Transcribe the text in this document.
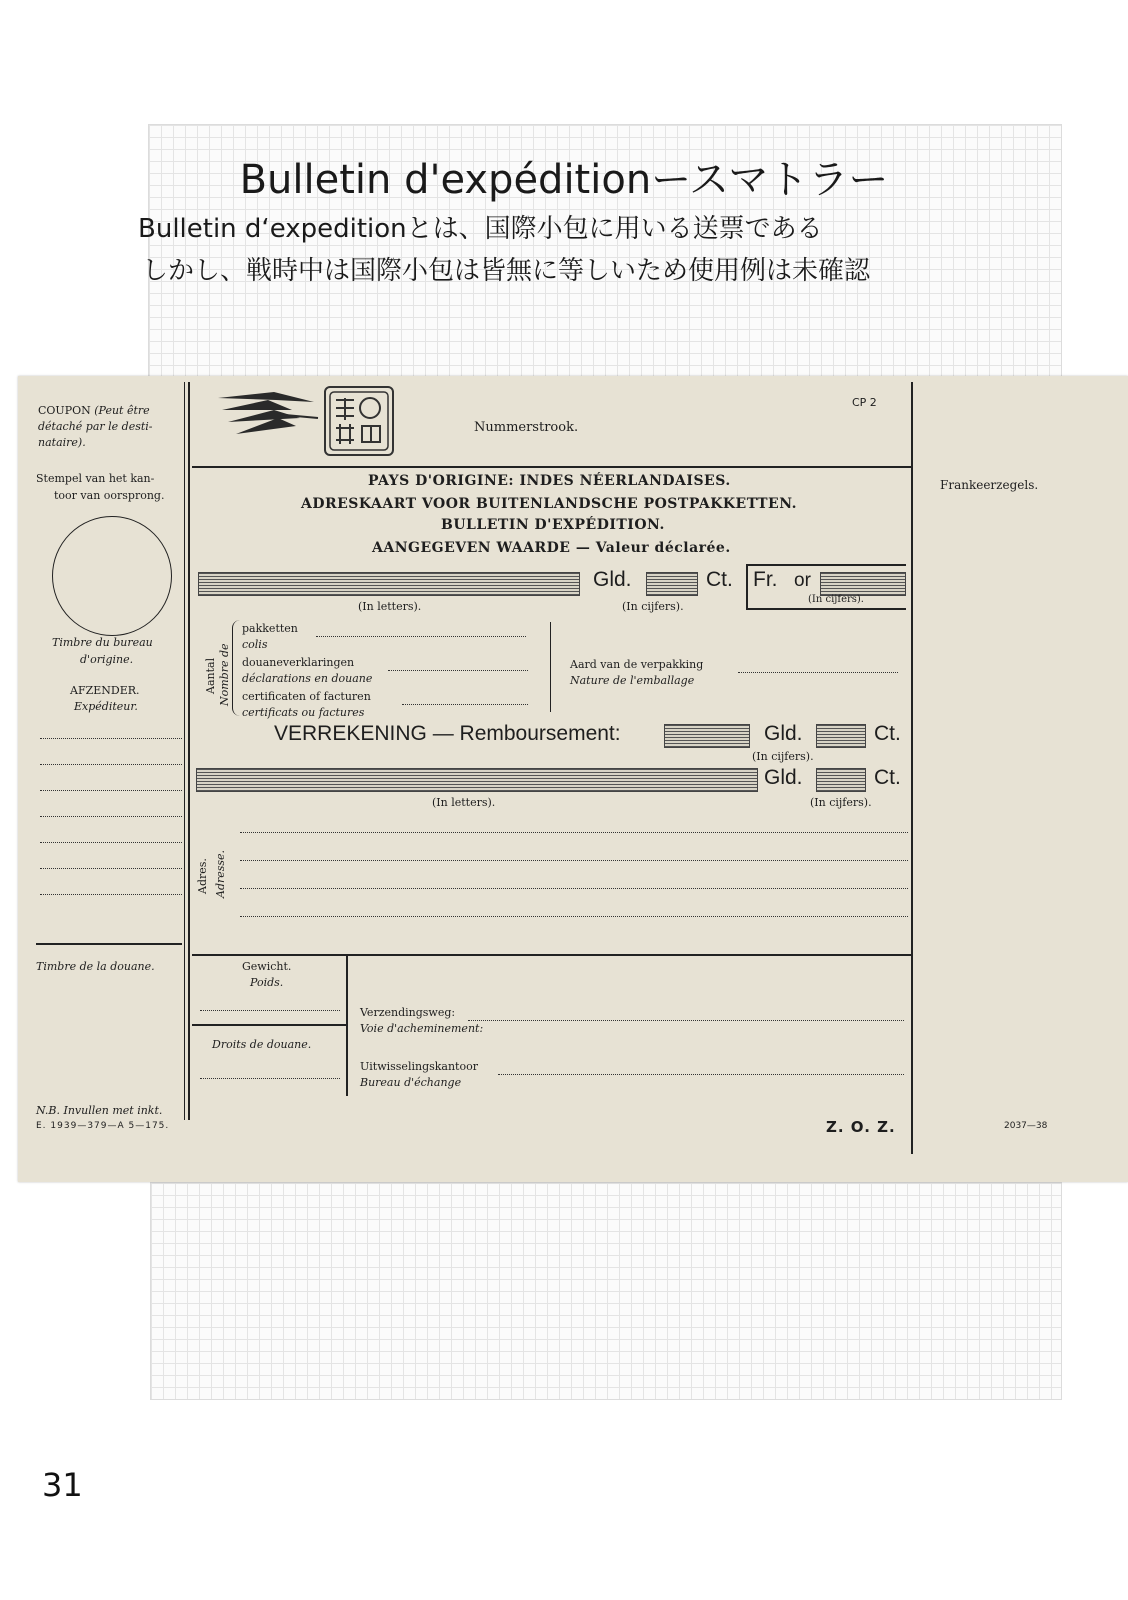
Bulletin d'expéditionースマトラー
Bulletin d‘expeditionとは、国際小包に用いる送票である
しかし、戦時中は国際小包は皆無に等しいため使用例は未確認
COUPON (Peut être
détaché par le desti-
nataire).
Stempel van het kan-
toor van oorsprong.
Timbre du bureau
d'origine.
AFZENDER.
Expéditeur.
Timbre de la douane.
N.B. Invullen met inkt.
E. 1939—379—A 5—175.
Nummerstrook.
CP 2
PAYS D'ORIGINE: INDES NÉERLANDAISES.
ADRESKAART VOOR BUITENLANDSCHE POSTPAKKETTEN.
BULLETIN D'EXPÉDITION.
AANGEGEVEN WAARDE — Valeur déclarée.
Gld.	Ct. Fr. or
(In cijfers).
(In letters).	(In cijfers).
Aantal Nombre de
pakketten
colis
douaneverklaringen
déclarations en douane
certificaten of facturen
certificats ou factures
Aard van de verpakking
Nature de l'emballage
VERREKENING — Remboursement:	Gld.	Ct.
(In cijfers).
Gld.	Ct.
(In letters).	(In cijfers).
Adres. Adresse.
Gewicht.
Poids.
Droits de douane.
Verzendingsweg:
Voie d'acheminement:
Uitwisselingskantoor
Bureau d'échange
Z. O. Z.
Frankeerzegels.
2037—38
31
